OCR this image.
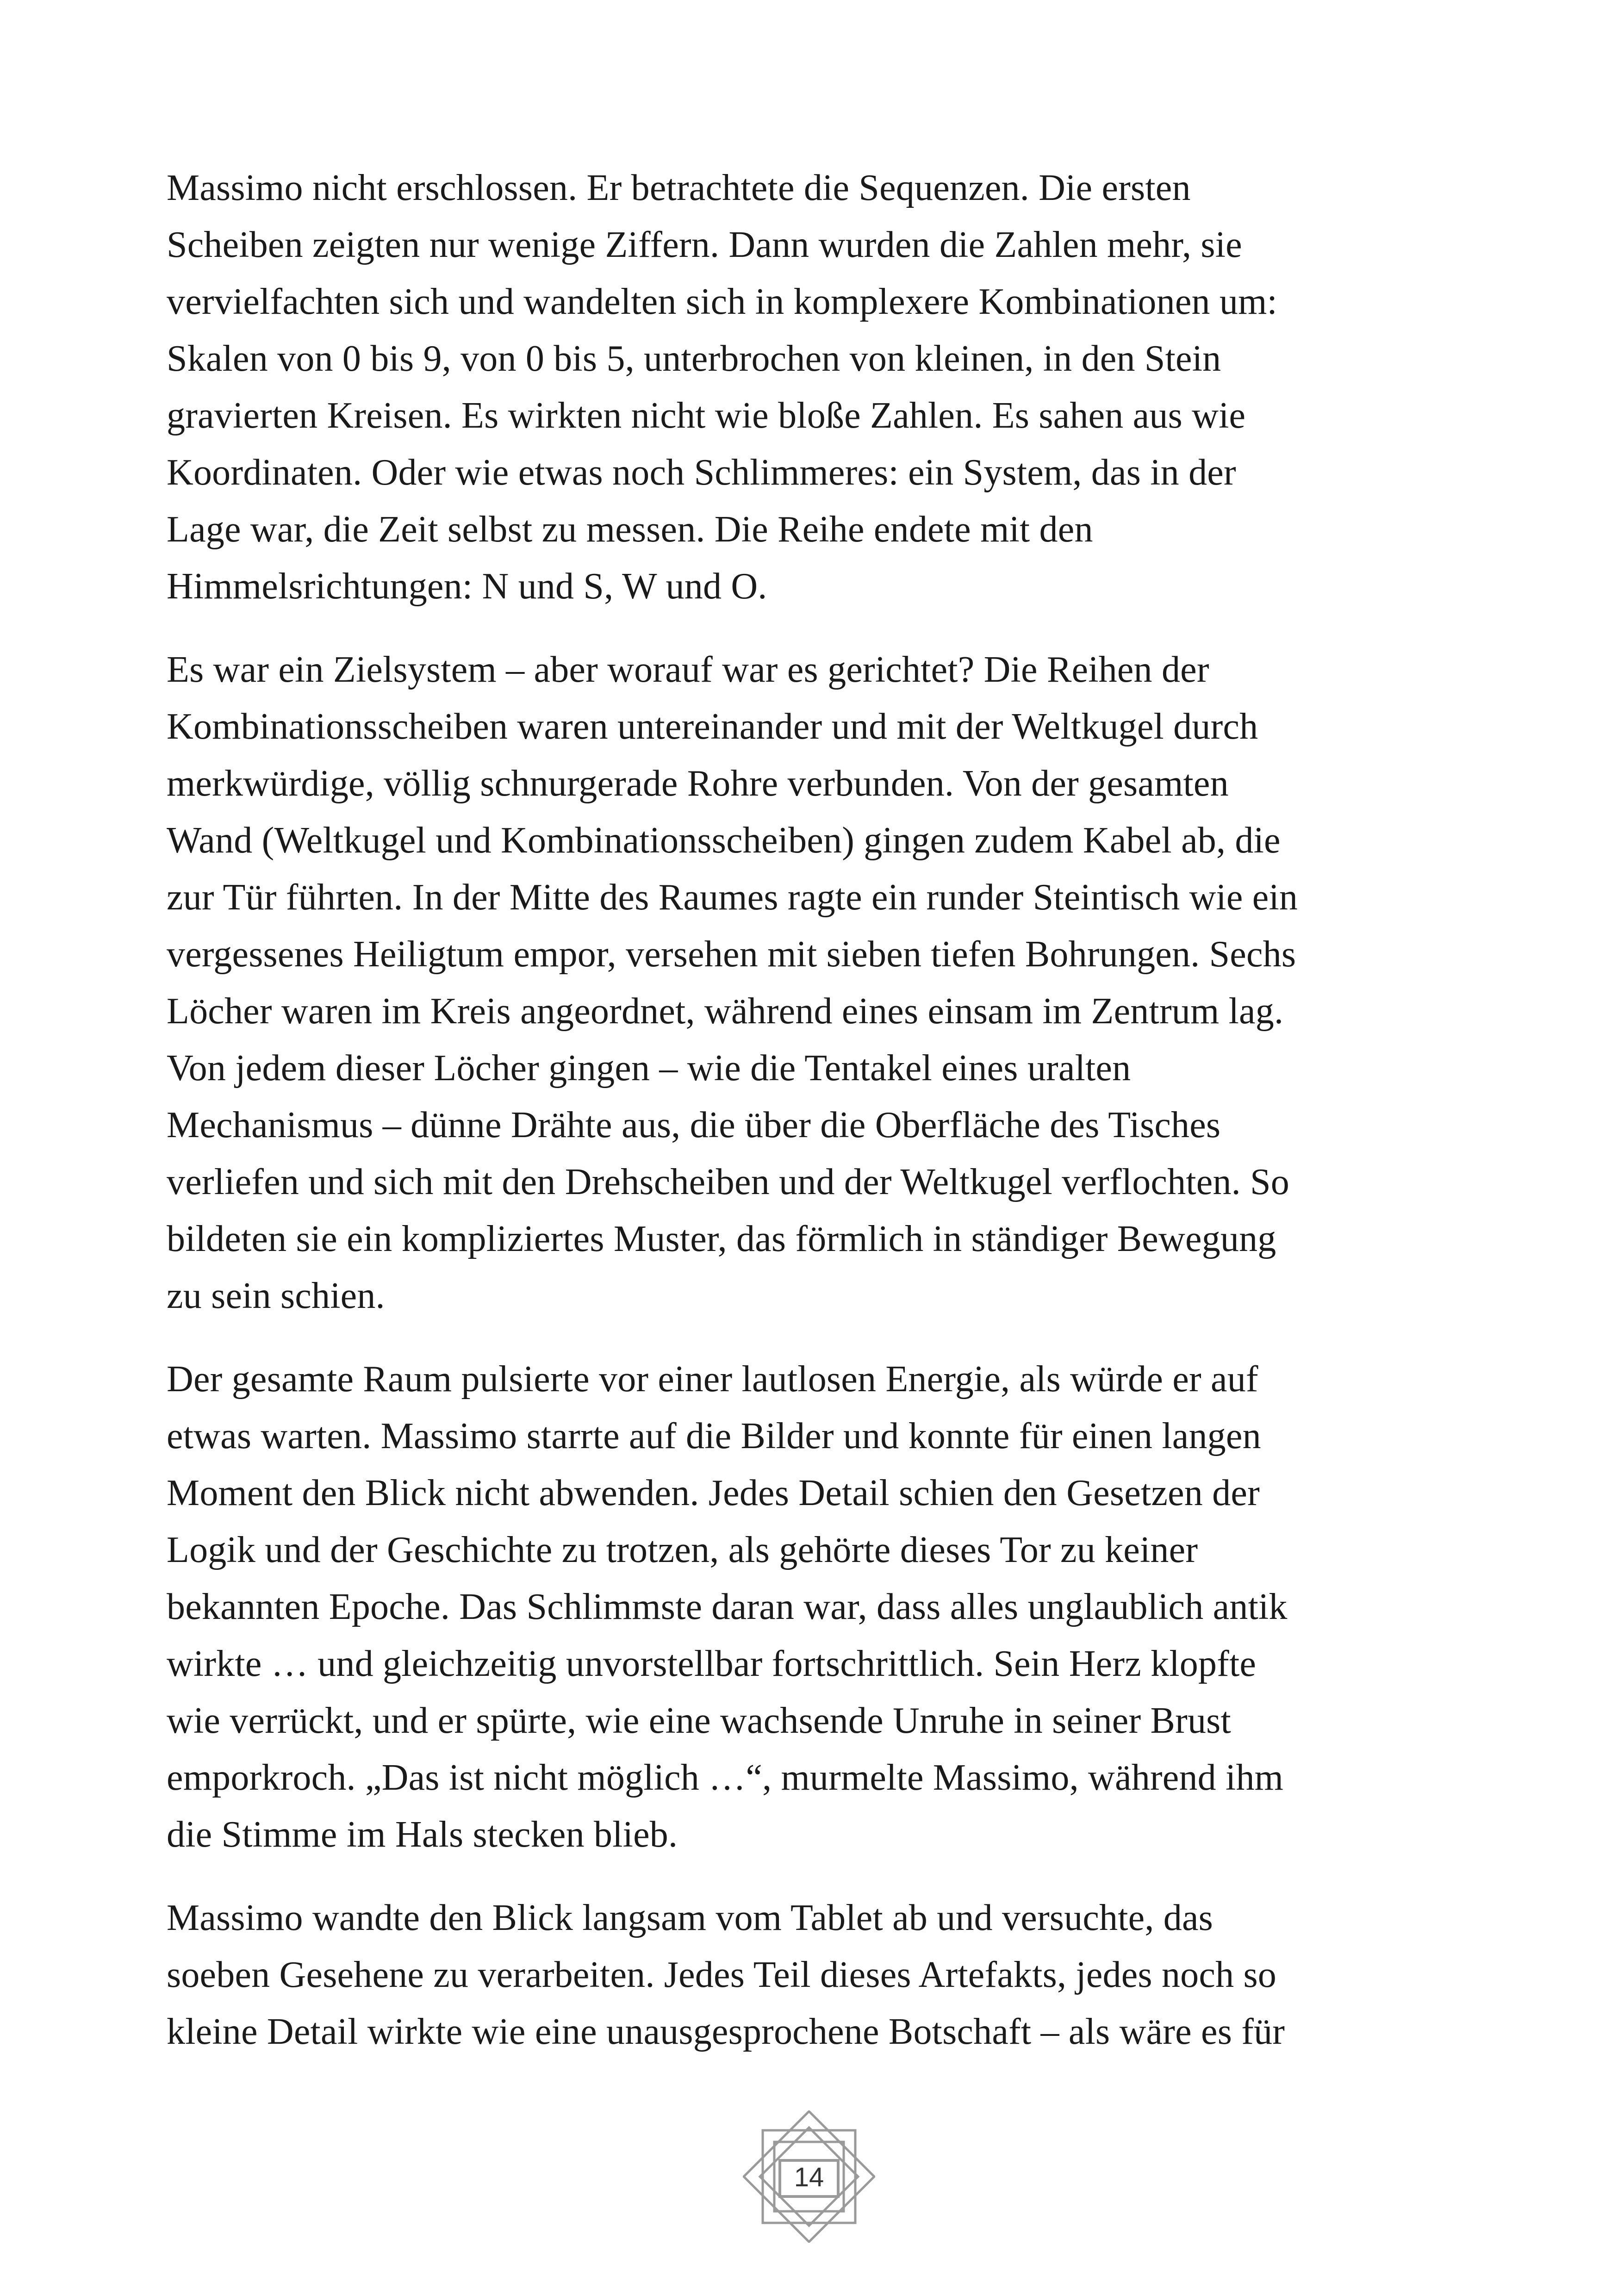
Massimo nicht erschlossen. Er betrachtete die Sequenzen. Die ersten
Scheiben zeigten nur wenige Ziffern. Dann wurden die Zahlen mehr, sie
vervielfachten sich und wandelten sich in komplexere Kombinationen um:
Skalen von 0 bis 9, von 0 bis 5, unterbrochen von kleinen, in den Stein
gravierten Kreisen. Es wirkten nicht wie bloße Zahlen. Es sahen aus wie
Koordinaten. Oder wie etwas noch Schlimmeres: ein System, das in der
Lage war, die Zeit selbst zu messen. Die Reihe endete mit den
Himmelsrichtungen: N und S, W und O.

Es war ein Zielsystem – aber worauf war es gerichtet? Die Reihen der
Kombinationsscheiben waren untereinander und mit der Weltkugel durch
merkwürdige, völlig schnurgerade Rohre verbunden. Von der gesamten
Wand (Weltkugel und Kombinationsscheiben) gingen zudem Kabel ab, die
zur Tür führten. In der Mitte des Raumes ragte ein runder Steintisch wie ein
vergessenes Heiligtum empor, versehen mit sieben tiefen Bohrungen. Sechs
Löcher waren im Kreis angeordnet, während eines einsam im Zentrum lag.
Von jedem dieser Löcher gingen – wie die Tentakel eines uralten
Mechanismus – dünne Drähte aus, die über die Oberfläche des Tisches
verliefen und sich mit den Drehscheiben und der Weltkugel verflochten. So
bildeten sie ein kompliziertes Muster, das förmlich in ständiger Bewegung
zu sein schien.

Der gesamte Raum pulsierte vor einer lautlosen Energie, als würde er auf
etwas warten. Massimo starrte auf die Bilder und konnte für einen langen
Moment den Blick nicht abwenden. Jedes Detail schien den Gesetzen der
Logik und der Geschichte zu trotzen, als gehörte dieses Tor zu keiner
bekannten Epoche. Das Schlimmste daran war, dass alles unglaublich antik
wirkte … und gleichzeitig unvorstellbar fortschrittlich. Sein Herz klopfte
wie verrückt, und er spürte, wie eine wachsende Unruhe in seiner Brust
emporkroch. „Das ist nicht möglich …“, murmelte Massimo, während ihm
die Stimme im Hals stecken blieb.

Massimo wandte den Blick langsam vom Tablet ab und versuchte, das
soeben Gesehene zu verarbeiten. Jedes Teil dieses Artefakts, jedes noch so
kleine Detail wirkte wie eine unausgesprochene Botschaft – als wäre es für

14
